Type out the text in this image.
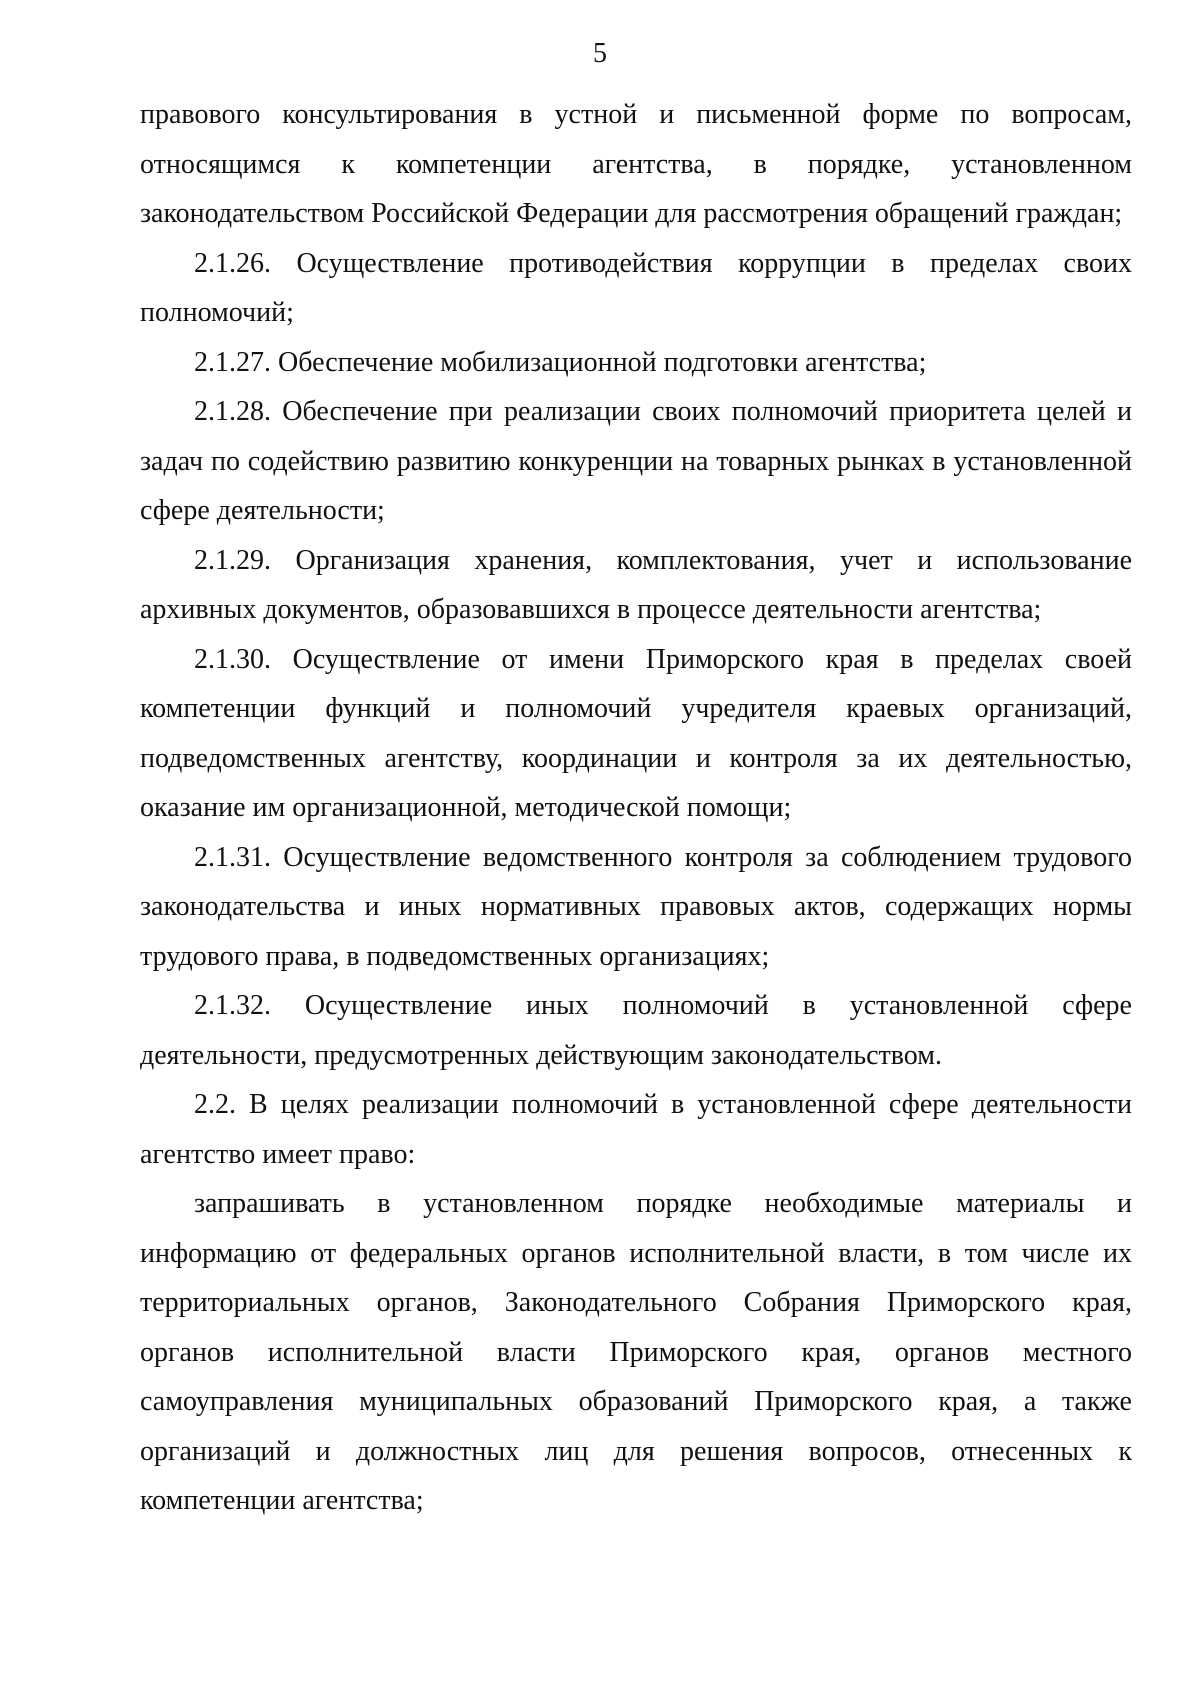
5

правового консультирования в устной и письменной форме по вопросам, относящимся к компетенции агентства, в порядке, установленном законодательством Российской Федерации для рассмотрения обращений граждан;

2.1.26. Осуществление противодействия коррупции в пределах своих полномочий;

2.1.27. Обеспечение мобилизационной подготовки агентства;

2.1.28. Обеспечение при реализации своих полномочий приоритета целей и задач по содействию развитию конкуренции на товарных рынках в установленной сфере деятельности;

2.1.29. Организация хранения, комплектования, учет и использование архивных документов, образовавшихся в процессе деятельности агентства;

2.1.30. Осуществление от имени Приморского края в пределах своей компетенции функций и полномочий учредителя краевых организаций, подведомственных агентству, координации и контроля за их деятельностью, оказание им организационной, методической помощи;

2.1.31. Осуществление ведомственного контроля за соблюдением трудового законодательства и иных нормативных правовых актов, содержащих нормы трудового права, в подведомственных организациях;

2.1.32. Осуществление иных полномочий в установленной сфере деятельности, предусмотренных действующим законодательством.

2.2. В целях реализации полномочий в установленной сфере деятельности агентство имеет право:

запрашивать в установленном порядке необходимые материалы и информацию от федеральных органов исполнительной власти, в том числе их территориальных органов, Законодательного Собрания Приморского края, органов исполнительной власти Приморского края, органов местного самоуправления муниципальных образований Приморского края, а также организаций и должностных лиц для решения вопросов, отнесенных к компетенции агентства;
